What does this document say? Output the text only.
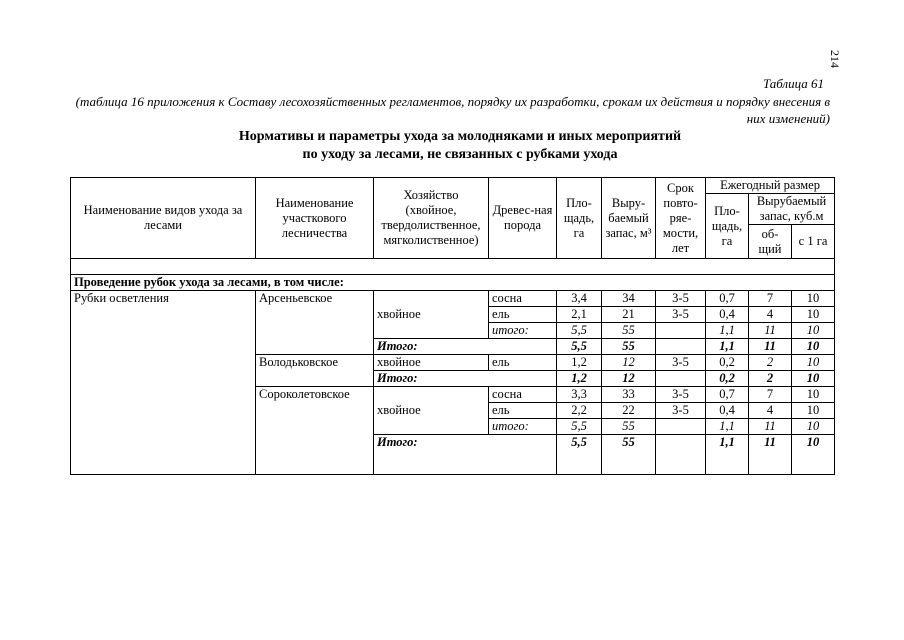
214
Таблица 61
(таблица 16 приложения к Составу лесохозяйственных регламентов, порядку их разработки, срокам их действия и порядку внесения в них изменений)
Нормативы и параметры ухода за молодняками и иных мероприятий
по уходу за лесами, не связанных с рубками ухода
Наименование видов ухода за лесами	Наименование участкового лесничества	Хозяйство (хвойное, твердолиственное, мягколиственное)	Древес-ная порода	Пло-щадь, га	Выру-баемый запас, м³	Срок повто-ряе-мости, лет	Ежегодный размер		
							Пло-щадь, га	Вырубаемый запас, куб.м	
								об-щий	с 1 га

Проведение рубок ухода за лесами, в том числе:									
Рубки осветления	Арсеньевское	хвойное	сосна	3,4	34	3-5	0,7	7	10
			ель	2,1	21	3-5	0,4	4	10
			итого:	5,5	55		1,1	11	10
		Итого:		5,5	55		1,1	11	10
	Володьковское	хвойное	ель	1,2	12	3-5	0,2	2	10
		Итого:		1,2	12		0,2	2	10
	Сороколетовское	хвойное	сосна	3,3	33	3-5	0,7	7	10
			ель	2,2	22	3-5	0,4	4	10
			итого:	5,5	55		1,1	11	10
		Итого:		5,5	55		1,1	11	10
